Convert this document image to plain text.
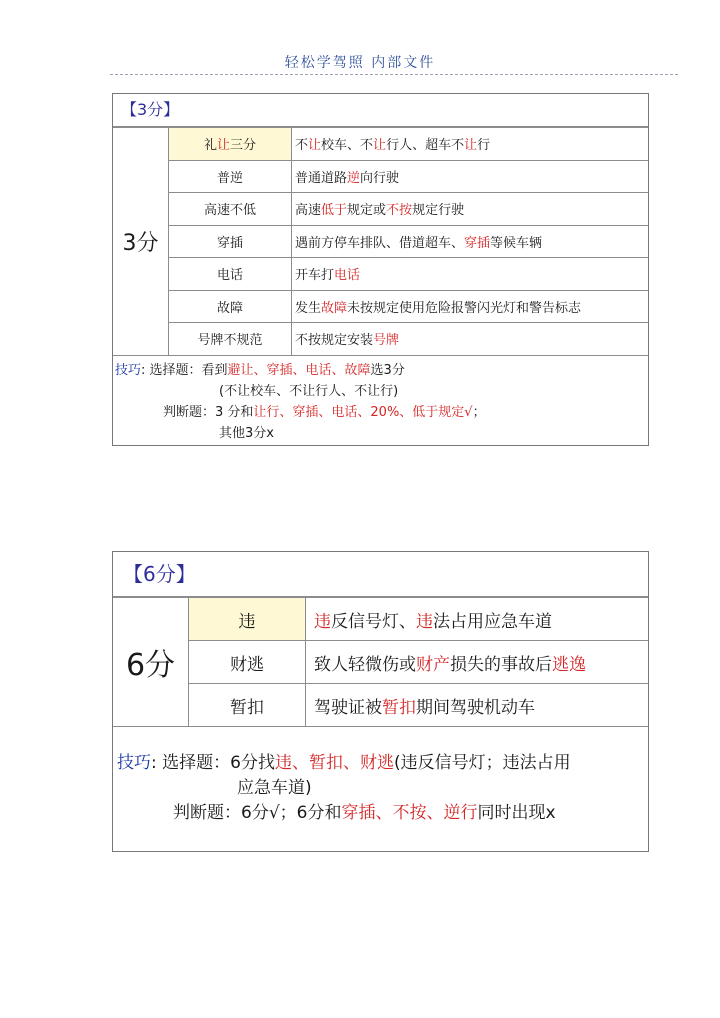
轻松学驾照 内部文件
【3分】
3分	礼让三分	不让校车、不让行人、超车不让行
	普逆	普通道路逆向行驶
	高速不低	高速低于规定或不按规定行驶
	穿插	遇前方停车排队、借道超车、穿插等候车辆
	电话	开车打电话
	故障	发生故障未按规定使用危险报警闪光灯和警告标志
	号牌不规范	不按规定安装号牌
技巧: 选择题：看到避让、穿插、电话、故障选3分
(不让校车、不让行人、不让行)
判断题：3 分和让行、穿插、电话、20%、低于规定√；
其他3分x
【6分】
6分	违	违反信号灯、违法占用应急车道
	财逃	致人轻微伤或财产损失的事故后逃逸
	暂扣	驾驶证被暂扣期间驾驶机动车
技巧: 选择题：6分找违、暂扣、财逃(违反信号灯；违法占用
应急车道)
判断题：6分√；6分和穿插、不按、逆行同时出现x
